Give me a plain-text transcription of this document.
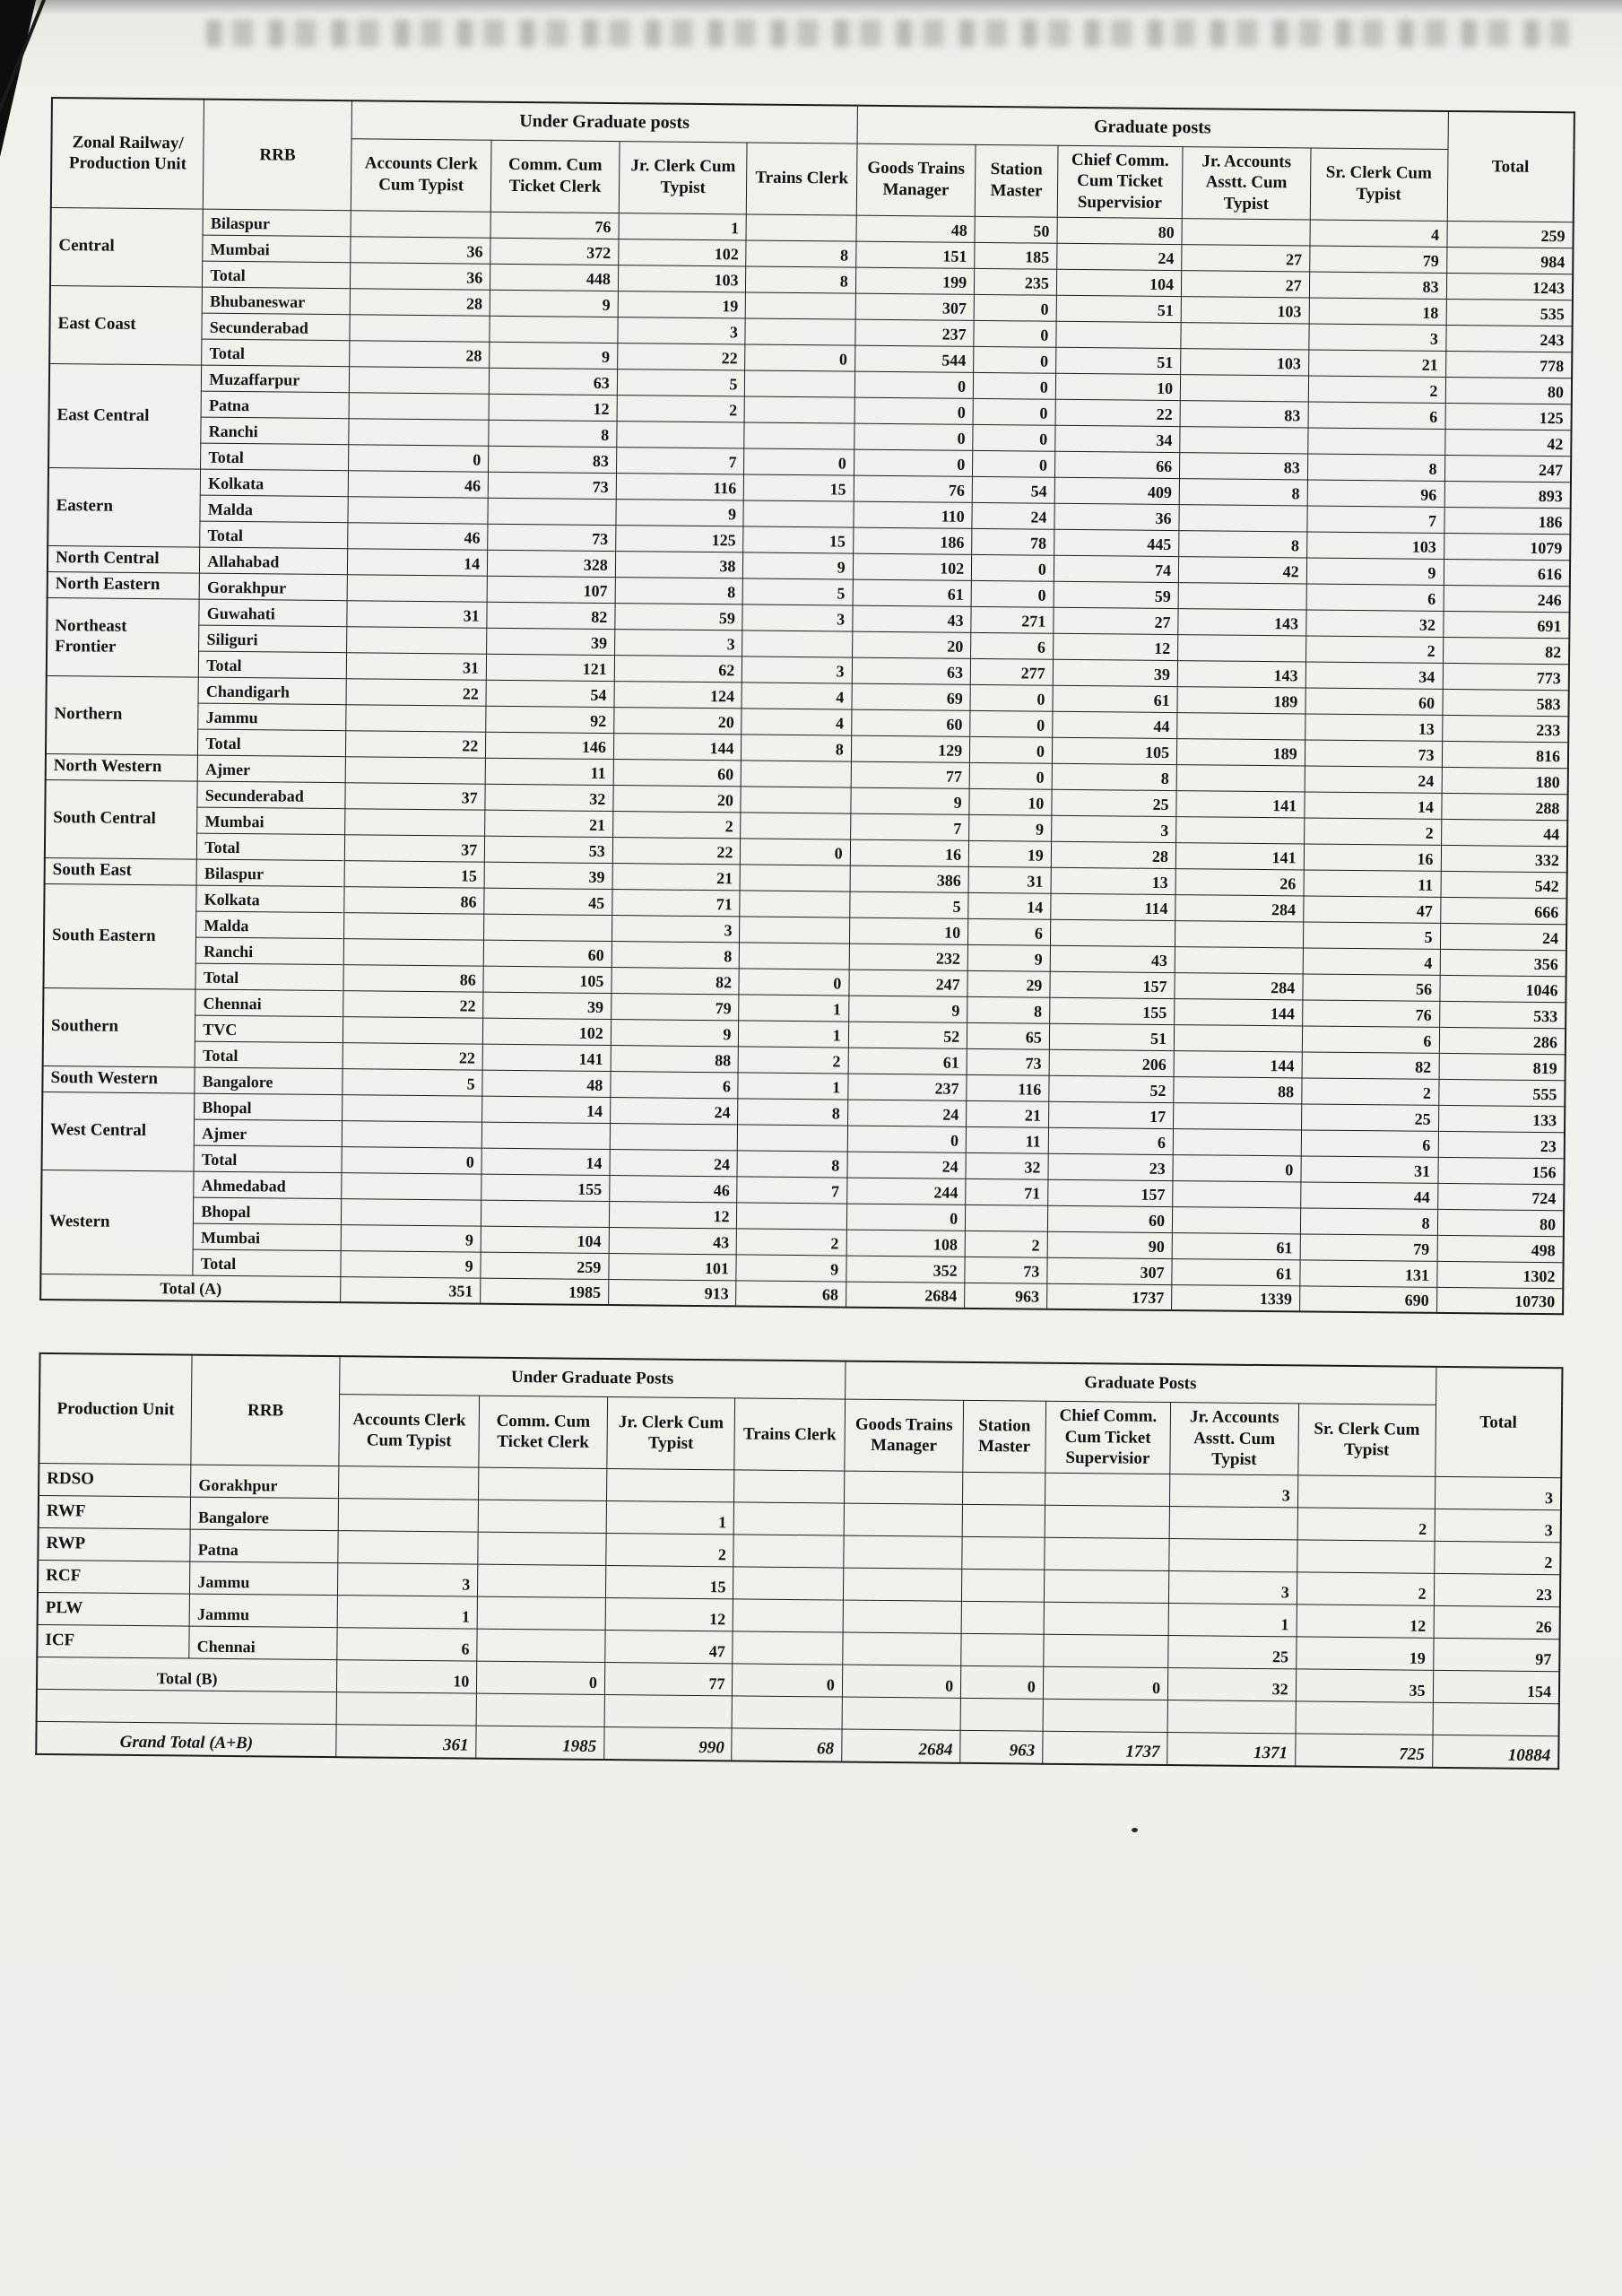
Zonal Railway/ Production Unit	RRB	Under Graduate posts				Graduate posts					Total
		Accounts Clerk Cum Typist	Comm. Cum Ticket Clerk	Jr. Clerk Cum Typist	Trains Clerk	Goods Trains Manager	Station Master	Chief Comm. Cum Ticket Supervisior	Jr. Accounts Asstt. Cum Typist	Sr. Clerk Cum Typist	
Central	Bilaspur		76	1		48	50	80		4	259
	Mumbai	36	372	102	8	151	185	24	27	79	984
	Total	36	448	103	8	199	235	104	27	83	1243
East Coast	Bhubaneswar	28	9	19		307	0	51	103	18	535
	Secunderabad			3		237	0			3	243
	Total	28	9	22	0	544	0	51	103	21	778
East Central	Muzaffarpur		63	5		0	0	10		2	80
	Patna		12	2		0	0	22	83	6	125
	Ranchi		8			0	0	34			42
	Total	0	83	7	0	0	0	66	83	8	247
Eastern	Kolkata	46	73	116	15	76	54	409	8	96	893
	Malda			9		110	24	36		7	186
	Total	46	73	125	15	186	78	445	8	103	1079
North Central	Allahabad	14	328	38	9	102	0	74	42	9	616
North Eastern	Gorakhpur		107	8	5	61	0	59		6	246
Northeast Frontier	Guwahati	31	82	59	3	43	271	27	143	32	691
	Siliguri		39	3		20	6	12		2	82
	Total	31	121	62	3	63	277	39	143	34	773
Northern	Chandigarh	22	54	124	4	69	0	61	189	60	583
	Jammu		92	20	4	60	0	44		13	233
	Total	22	146	144	8	129	0	105	189	73	816
North Western	Ajmer		11	60		77	0	8		24	180
South Central	Secunderabad	37	32	20		9	10	25	141	14	288
	Mumbai		21	2		7	9	3		2	44
	Total	37	53	22	0	16	19	28	141	16	332
South East	Bilaspur	15	39	21		386	31	13	26	11	542
South Eastern	Kolkata	86	45	71		5	14	114	284	47	666
	Malda			3		10	6			5	24
	Ranchi		60	8		232	9	43		4	356
	Total	86	105	82	0	247	29	157	284	56	1046
Southern	Chennai	22	39	79	1	9	8	155	144	76	533
	TVC		102	9	1	52	65	51		6	286
	Total	22	141	88	2	61	73	206	144	82	819
South Western	Bangalore	5	48	6	1	237	116	52	88	2	555
West Central	Bhopal		14	24	8	24	21	17		25	133
	Ajmer					0	11	6		6	23
	Total	0	14	24	8	24	32	23	0	31	156
Western	Ahmedabad		155	46	7	244	71	157		44	724
	Bhopal			12		0		60		8	80
	Mumbai	9	104	43	2	108	2	90	61	79	498
	Total	9	259	101	9	352	73	307	61	131	1302
Total (A)		351	1985	913	68	2684	963	1737	1339	690	10730
Production Unit	RRB	Under Graduate Posts				Graduate Posts					Total
		Accounts Clerk Cum Typist	Comm. Cum Ticket Clerk	Jr. Clerk Cum Typist	Trains Clerk	Goods Trains Manager	Station Master	Chief Comm. Cum Ticket Supervisior	Jr. Accounts Asstt. Cum Typist	Sr. Clerk Cum Typist	
RDSO	Gorakhpur								3		3
RWF	Bangalore			1						2	3
RWP	Patna			2							2
RCF	Jammu	3		15					3	2	23
PLW	Jammu	1		12					1	12	26
ICF	Chennai	6		47					25	19	97
Total (B)		10	0	77	0	0	0	0	32	35	154

Grand Total (A+B)		361	1985	990	68	2684	963	1737	1371	725	10884
